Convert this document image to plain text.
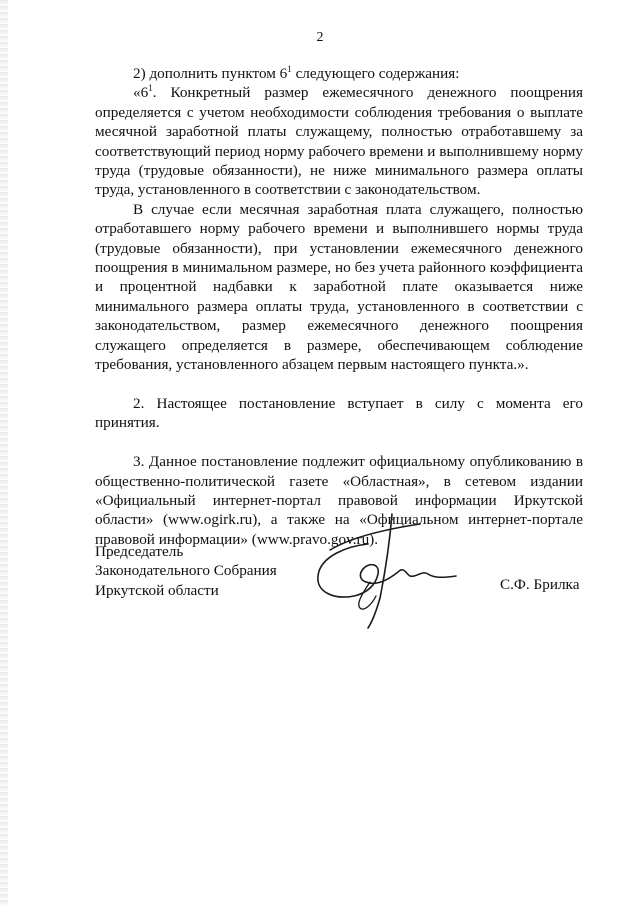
2

2) дополнить пунктом $6^1$ следующего содержания:

«$6^1$. Конкретный размер ежемесячного денежного поощрения определяется с учетом необходимости соблюдения требования о выплате месячной заработной платы служащему, полностью отработавшему за соответствующий период норму рабочего времени и выполнившему норму труда (трудовые обязанности), не ниже минимального размера оплаты труда, установленного в соответствии с законодательством.

В случае если месячная заработная плата служащего, полностью отработавшего норму рабочего времени и выполнившего нормы труда (трудовые обязанности), при установлении ежемесячного денежного поощрения в минимальном размере, но без учета районного коэффициента и процентной надбавки к заработной плате оказывается ниже минимального размера оплаты труда, установленного в соответствии с законодательством, размер ежемесячного денежного поощрения служащего определяется в размере, обеспечивающем соблюдение требования, установленного абзацем первым настоящего пункта.».

2. Настоящее постановление вступает в силу с момента его принятия.

3. Данное постановление подлежит официальному опубликованию в общественно-политической газете «Областная», в сетевом издании «Официальный интернет-портал правовой информации Иркутской области» (www.ogirk.ru), а также на «Официальном интернет-портале правовой информации» (www.pravo.gov.ru).

Председатель
Законодательного Собрания
Иркутской области	С.Ф. Брилка
